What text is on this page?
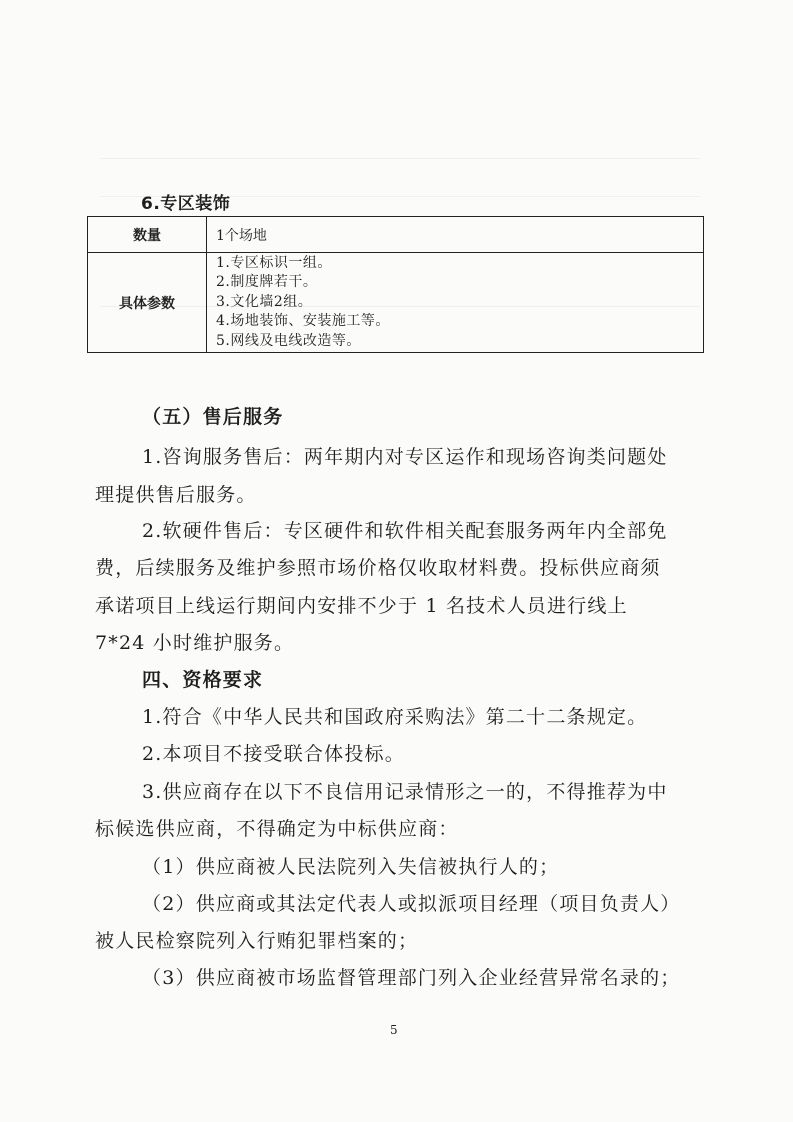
6.专区装饰
数量	1个场地
具体参数	1.专区标识一组。
2.制度牌若干。
3.文化墙2组。
4.场地装饰、安装施工等。
5.网线及电线改造等。
（五）售后服务
1.咨询服务售后：两年期内对专区运作和现场咨询类问题处
理提供售后服务。
2.软硬件售后：专区硬件和软件相关配套服务两年内全部免
费，后续服务及维护参照市场价格仅收取材料费。投标供应商须
承诺项目上线运行期间内安排不少于 1 名技术人员进行线上
7*24 小时维护服务。
四、资格要求
1.符合《中华人民共和国政府采购法》第二十二条规定。
2.本项目不接受联合体投标。
3.供应商存在以下不良信用记录情形之一的，不得推荐为中
标候选供应商，不得确定为中标供应商：
（1）供应商被人民法院列入失信被执行人的；
（2）供应商或其法定代表人或拟派项目经理（项目负责人）
被人民检察院列入行贿犯罪档案的；
（3）供应商被市场监督管理部门列入企业经营异常名录的；
5
